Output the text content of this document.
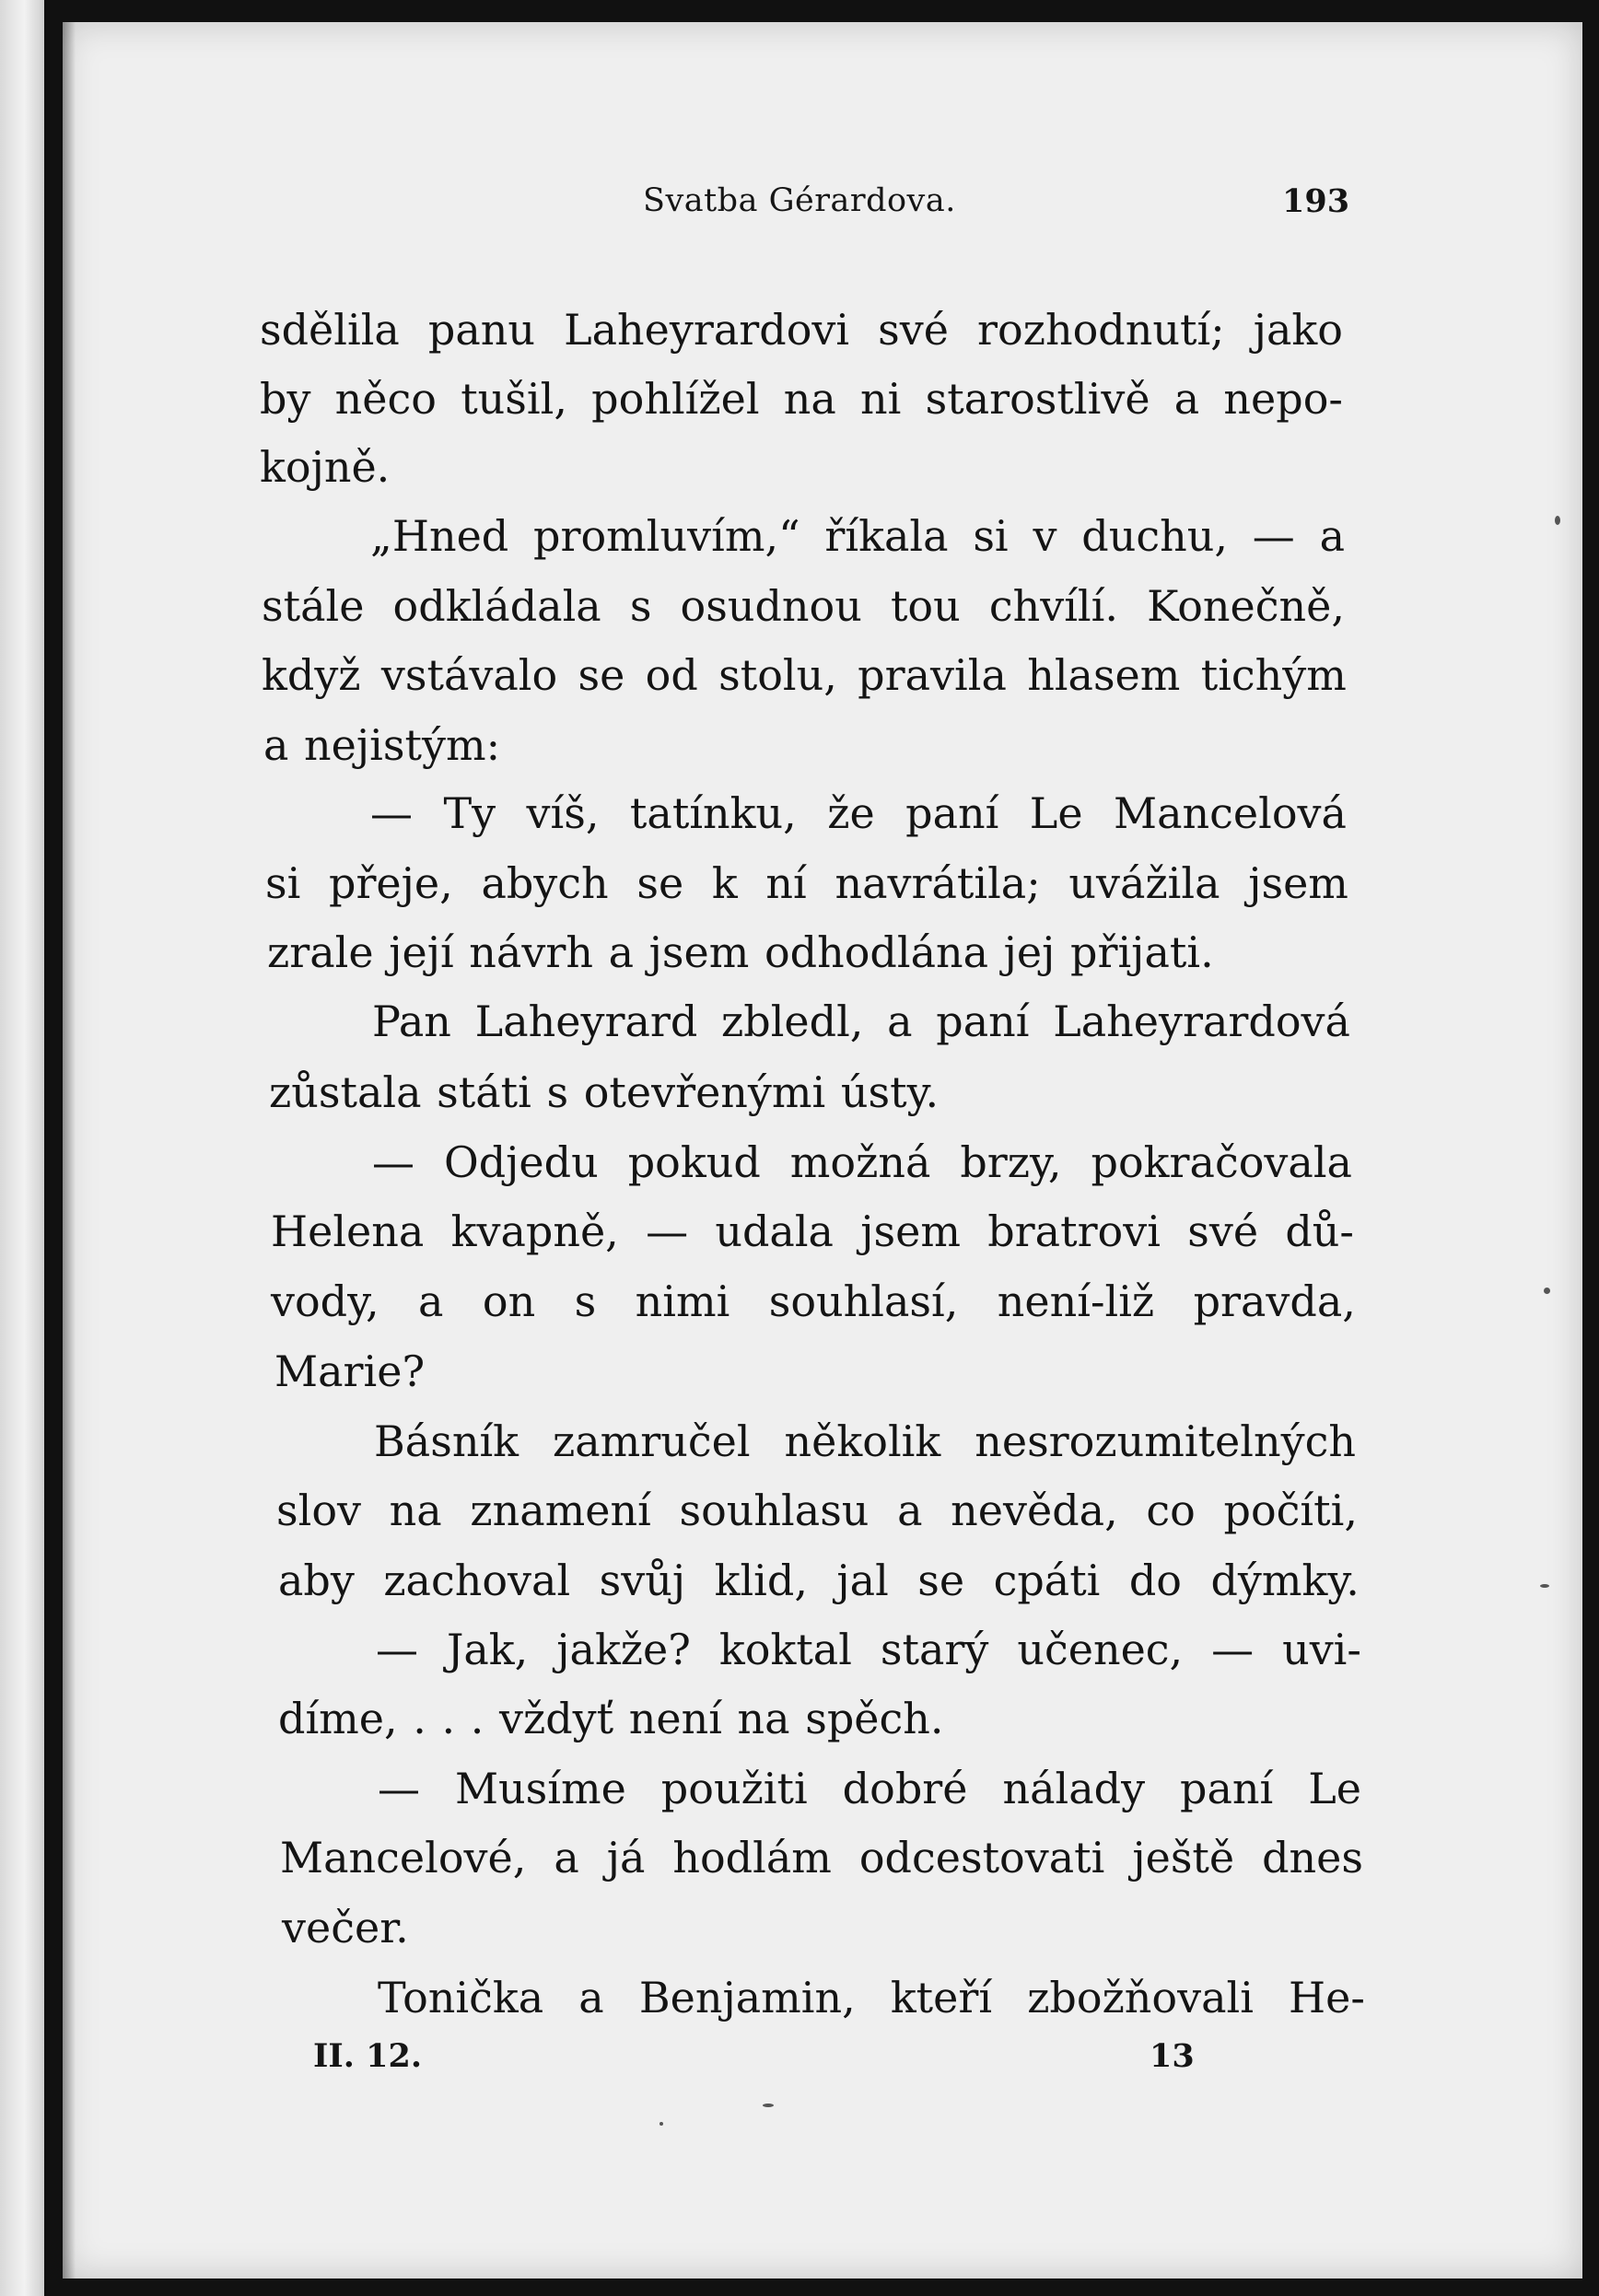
Svatba Gérardova.	193
sdělila panu Laheyrardovi své rozhodnutí; jako
by něco tušil, pohlížel na ni starostlivě a nepo-
kojně.
„Hned promluvím,“ říkala si v duchu, — a
stále odkládala s osudnou tou chvílí. Konečně,
když vstávalo se od stolu, pravila hlasem tichým
a nejistým:
— Ty víš, tatínku, že paní Le Mancelová
si přeje, abych se k ní navrátila; uvážila jsem
zrale její návrh a jsem odhodlána jej přijati.
Pan Laheyrard zbledl, a paní Laheyrardová
zůstala státi s otevřenými ústy.
— Odjedu pokud možná brzy, pokračovala
Helena kvapně, — udala jsem bratrovi své dů-
vody, a on s nimi souhlasí, není-liž pravda,
Marie?
Básník zamručel několik nesrozumitelných
slov na znamení souhlasu a nevěda, co počíti,
aby zachoval svůj klid, jal se cpáti do dýmky.
— Jak, jakže? koktal starý učenec, — uvi-
díme, . . . vždyť není na spěch.
— Musíme použiti dobré nálady paní Le
Mancelové, a já hodlám odcestovati ještě dnes
večer.
Tonička a Benjamin, kteří zbožňovali He-
II. 12.	13
